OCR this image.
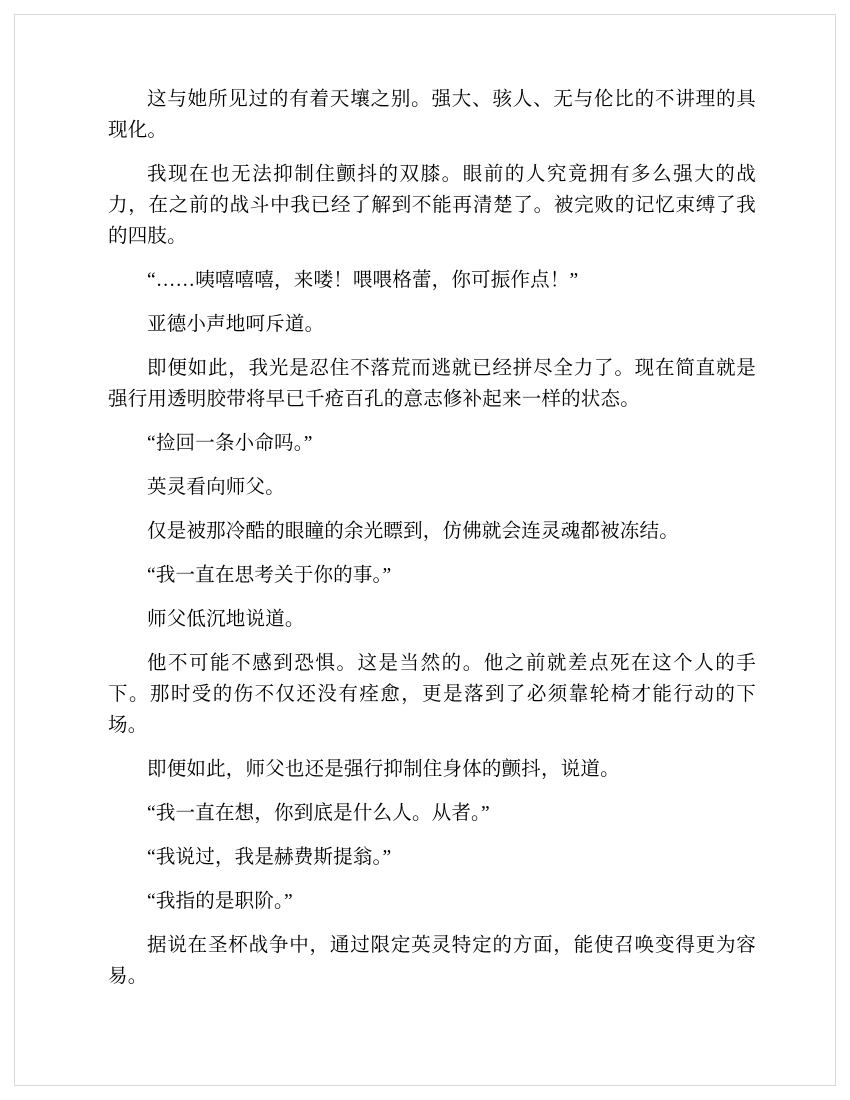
这与她所见过的有着天壤之别。强大、骇人、无与伦比的不讲理的具现化。

我现在也无法抑制住颤抖的双膝。眼前的人究竟拥有多么强大的战力，在之前的战斗中我已经了解到不能再清楚了。被完败的记忆束缚了我的四肢。

“……咦嘻嘻嘻，来喽！喂喂格蕾，你可振作点！”

亚德小声地呵斥道。

即便如此，我光是忍住不落荒而逃就已经拼尽全力了。现在简直就是强行用透明胶带将早已千疮百孔的意志修补起来一样的状态。

“捡回一条小命吗。”

英灵看向师父。

仅是被那冷酷的眼瞳的余光瞟到，仿佛就会连灵魂都被冻结。

“我一直在思考关于你的事。”

师父低沉地说道。

他不可能不感到恐惧。这是当然的。他之前就差点死在这个人的手下。那时受的伤不仅还没有痊愈，更是落到了必须靠轮椅才能行动的下场。

即便如此，师父也还是强行抑制住身体的颤抖，说道。

“我一直在想，你到底是什么人。从者。”

“我说过，我是赫费斯提翁。”

“我指的是职阶。”

据说在圣杯战争中，通过限定英灵特定的方面，能使召唤变得更为容易。
